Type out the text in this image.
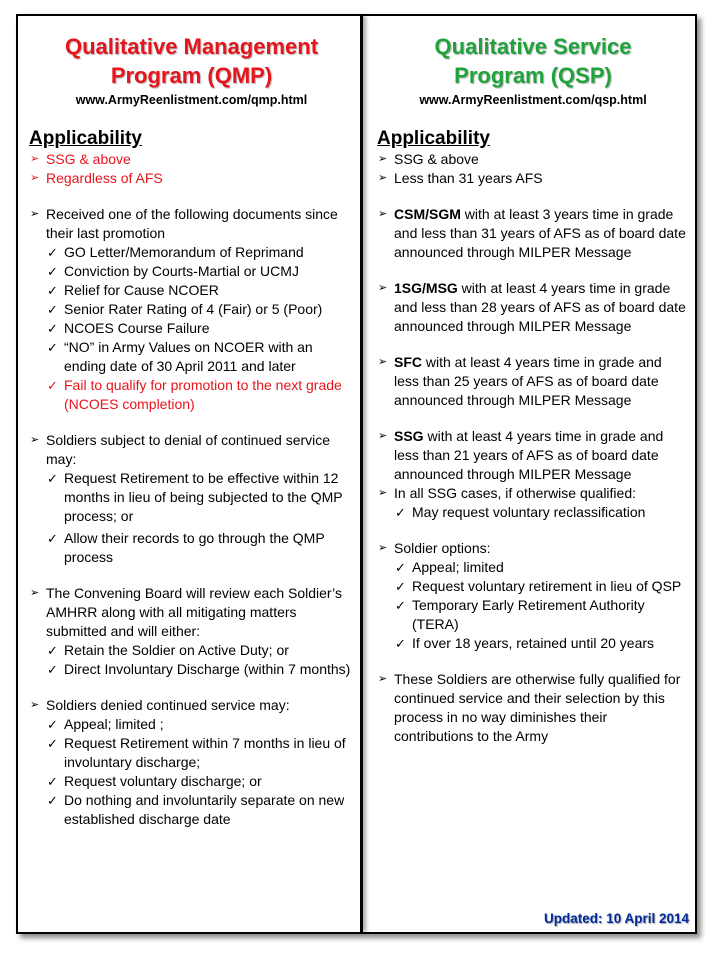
Qualitative Management
Program (QMP)
www.ArmyReenlistment.com/qmp.html
Applicability
➢ SSG & above
➢ Regardless of AFS
➢ Received one of the following documents since their last promotion
✓ GO Letter/Memorandum of Reprimand
✓ Conviction by Courts-Martial or UCMJ
✓ Relief for Cause NCOER
✓ Senior Rater Rating of 4 (Fair) or 5 (Poor)
✓ NCOES Course Failure
✓ “NO” in Army Values on NCOER with an ending date of 30 April 2011 and later
✓ Fail to qualify for promotion to the next grade (NCOES completion)
➢ Soldiers subject to denial of continued service may:
✓ Request Retirement to be effective within 12 months in lieu of being subjected to the QMP process; or
✓ Allow their records to go through the QMP process
➢ The Convening Board will review each Soldier’s AMHRR along with all mitigating matters submitted and will either:
✓ Retain the Soldier on Active Duty; or
✓ Direct Involuntary Discharge (within 7 months)
➢ Soldiers denied continued service may:
✓ Appeal; limited ;
✓ Request Retirement within 7 months in lieu of involuntary discharge;
✓ Request voluntary discharge; or
✓ Do nothing and involuntarily separate on new established discharge date
Qualitative Service
Program (QSP)
www.ArmyReenlistment.com/qsp.html
Applicability
➢ SSG & above
➢ Less than 31 years AFS
➢ CSM/SGM with at least 3 years time in grade and less than 31 years of AFS as of board date announced through MILPER Message
➢ 1SG/MSG with at least 4 years time in grade and less than 28 years of AFS as of board date announced through MILPER Message
➢ SFC with at least 4 years time in grade and less than 25 years of AFS as of board date announced through MILPER Message
➢ SSG with at least 4 years time in grade and less than 21 years of AFS as of board date announced through MILPER Message
➢ In all SSG cases, if otherwise qualified:
✓ May request voluntary reclassification
➢ Soldier options:
✓ Appeal; limited
✓ Request voluntary retirement in lieu of QSP
✓ Temporary Early Retirement Authority (TERA)
✓ If over 18 years, retained until 20 years
➢ These Soldiers are otherwise fully qualified for continued service and their selection by this process in no way diminishes their contributions to the Army
Updated: 10 April 2014
